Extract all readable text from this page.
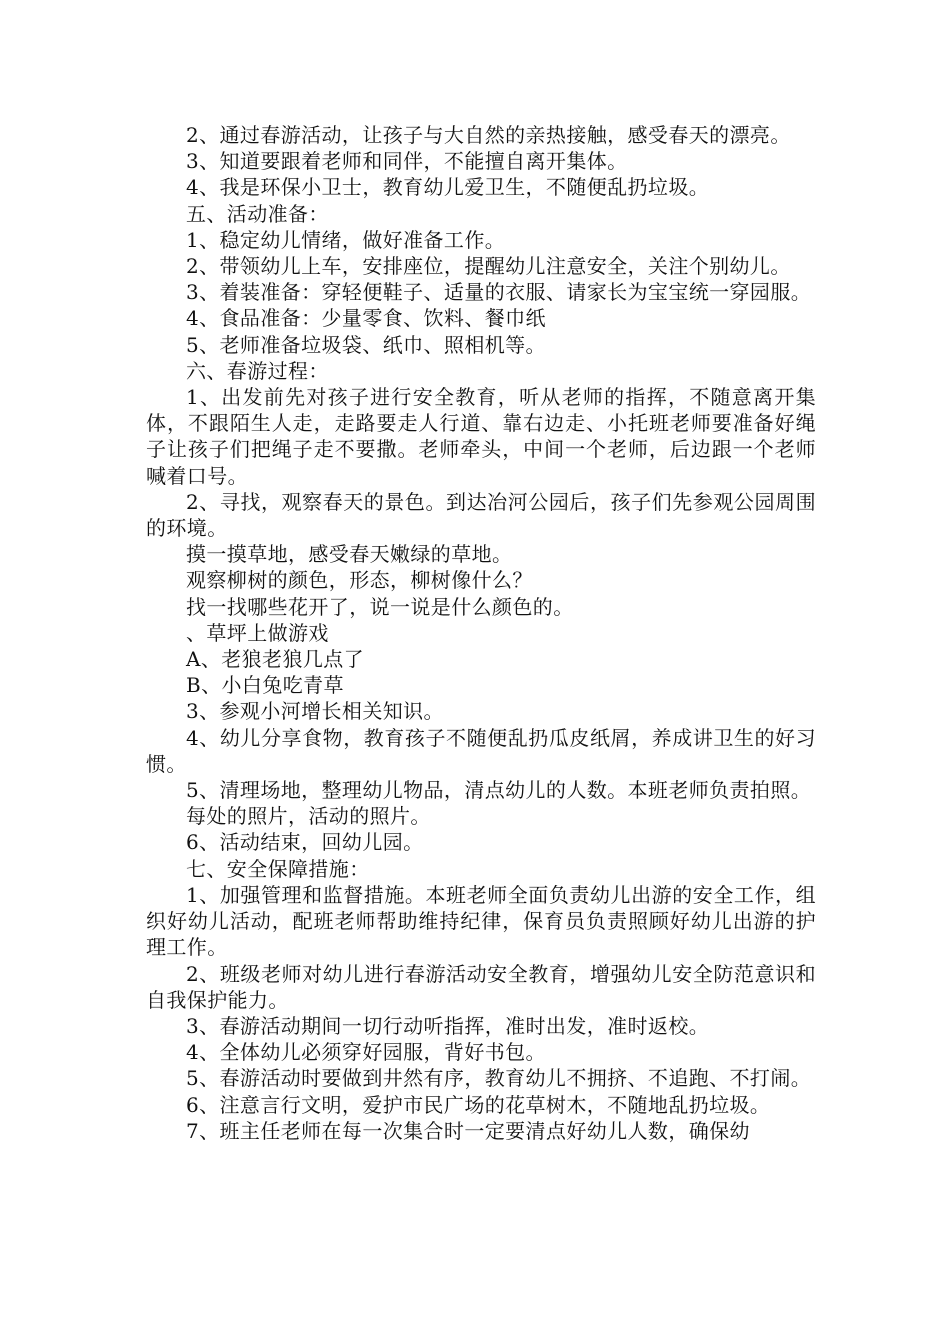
2、通过春游活动，让孩子与大自然的亲热接触，感受春天的漂亮。

3、知道要跟着老师和同伴，不能擅自离开集体。

4、我是环保小卫士，教育幼儿爱卫生，不随便乱扔垃圾。

五、活动准备：

1、稳定幼儿情绪，做好准备工作。

2、带领幼儿上车，安排座位，提醒幼儿注意安全，关注个别幼儿。

3、着装准备：穿轻便鞋子、适量的衣服、请家长为宝宝统一穿园服。

4、食品准备：少量零食、饮料、餐巾纸

5、老师准备垃圾袋、纸巾、照相机等。

六、春游过程：

1、出发前先对孩子进行安全教育，听从老师的指挥，不随意离开集体，不跟陌生人走，走路要走人行道、靠右边走、小托班老师要准备好绳子让孩子们把绳子走不要撒。老师牵头，中间一个老师，后边跟一个老师喊着口号。

2、寻找，观察春天的景色。到达冶河公园后，孩子们先参观公园周围的环境。

摸一摸草地，感受春天嫩绿的草地。

观察柳树的颜色，形态，柳树像什么？

找一找哪些花开了，说一说是什么颜色的。

、草坪上做游戏

A、老狼老狼几点了

B、小白兔吃青草

3、参观小河增长相关知识。

4、幼儿分享食物，教育孩子不随便乱扔瓜皮纸屑，养成讲卫生的好习惯。

5、清理场地，整理幼儿物品，清点幼儿的人数。本班老师负责拍照。

每处的照片，活动的照片。

6、活动结束，回幼儿园。

七、安全保障措施：

1、加强管理和监督措施。本班老师全面负责幼儿出游的安全工作，组织好幼儿活动，配班老师帮助维持纪律，保育员负责照顾好幼儿出游的护理工作。

2、班级老师对幼儿进行春游活动安全教育，增强幼儿安全防范意识和自我保护能力。

3、春游活动期间一切行动听指挥，准时出发，准时返校。

4、全体幼儿必须穿好园服，背好书包。

5、春游活动时要做到井然有序，教育幼儿不拥挤、不追跑、不打闹。

6、注意言行文明，爱护市民广场的花草树木，不随地乱扔垃圾。

7、班主任老师在每一次集合时一定要清点好幼儿人数，确保幼
